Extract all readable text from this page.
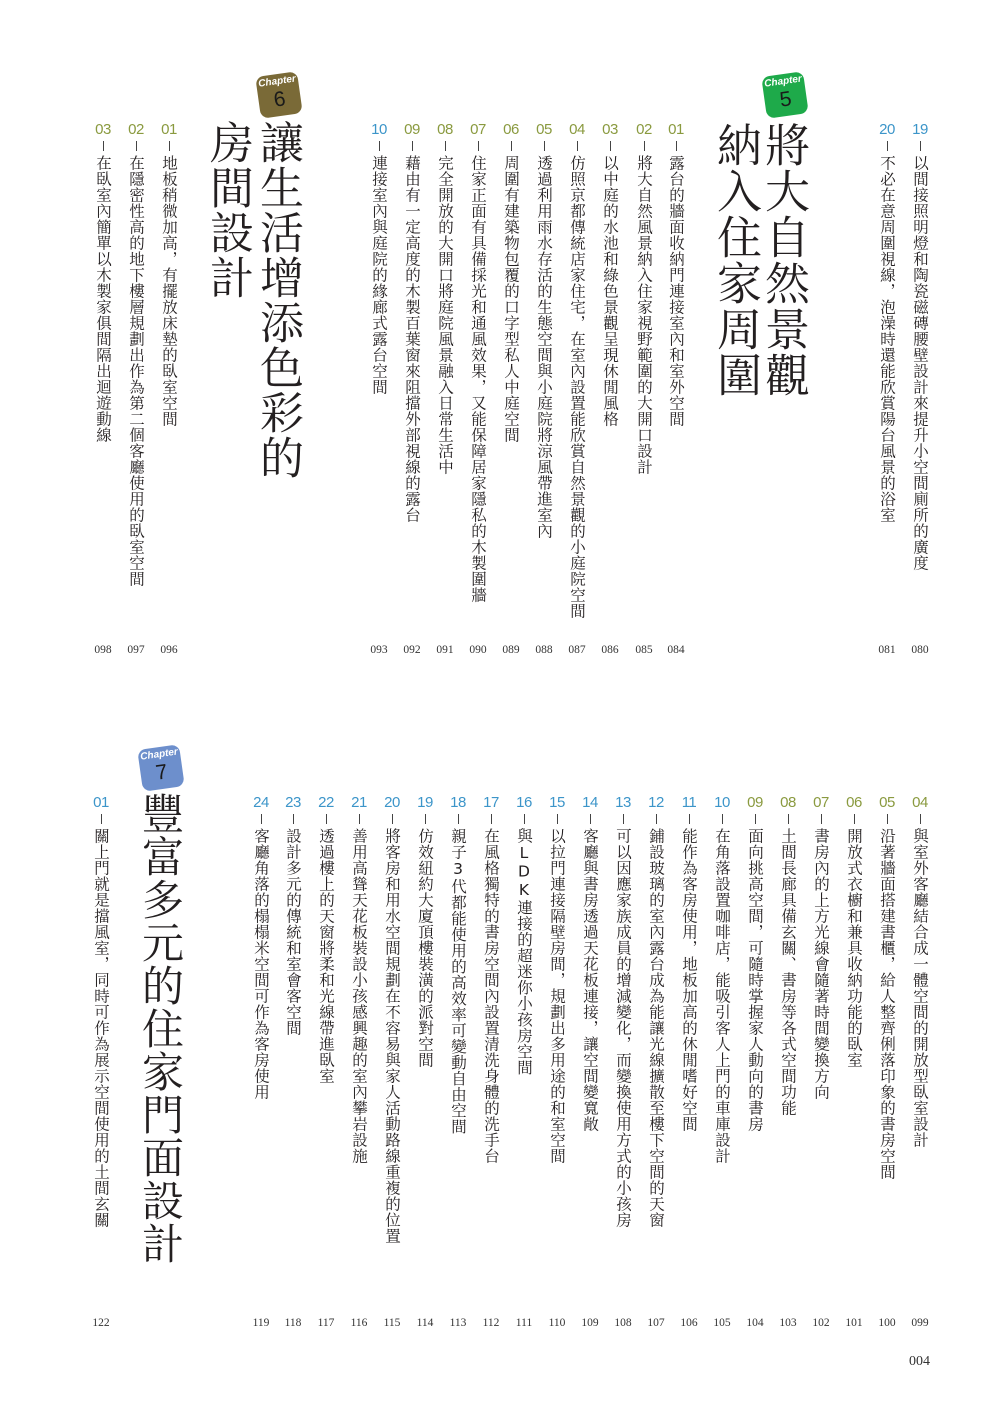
19
以間接照明燈和陶瓷磁磚腰壁設計來提升小空間廁所的廣度
20
不必在意周圍視線，泡澡時還能欣賞陽台風景的浴室
Chapter
5
將大自然景觀
納入住家周圍
01
露台的牆面收納門連接室內和室外空間
02
將大自然風景納入住家視野範圍的大開口設計
03
以中庭的水池和綠色景觀呈現休閒風格
04
仿照京都傳統店家住宅，在室內設置能欣賞自然景觀的小庭院空間
05
透過利用雨水存活的生態空間與小庭院將涼風帶進室內
06
周圍有建築物包覆的口字型私人中庭空間
07
住家正面有具備採光和通風效果，又能保障居家隱私的木製圍牆
08
完全開放的大開口將庭院風景融入日常生活中
09
藉由有一定高度的木製百葉窗來阻擋外部視線的露台
10
連接室內與庭院的緣廊式露台空間
Chapter
6
讓生活增添色彩的
房間設計
01
地板稍微加高，有擺放床墊的臥室空間
02
在隱密性高的地下樓層規劃出作為第二個客廳使用的臥室空間
03
在臥室內簡單以木製家俱間隔出迴遊動線
080
081
084
085
086
087
088
089
090
091
092
093
096
097
098
04
與室外客廳結合成一體空間的開放型臥室設計
05
沿著牆面搭建書櫃，給人整齊俐落印象的書房空間
06
開放式衣櫥和兼具收納功能的臥室
07
書房內的上方光線會隨著時間變換方向
08
土間長廊具備玄關、書房等各式空間功能
09
面向挑高空間，可隨時掌握家人動向的書房
10
在角落設置咖啡店，能吸引客人上門的車庫設計
11
能作為客房使用，地板加高的休閒嗜好空間
12
鋪設玻璃的室內露台成為能讓光線擴散至樓下空間的天窗
13
可以因應家族成員的增減變化，而變換使用方式的小孩房
14
客廳與書房透過天花板連接，讓空間變寬敞
15
以拉門連接隔壁房間，規劃出多用途的和室空間
16
與LDK連接的超迷你小孩房空間
17
在風格獨特的書房空間內設置清洗身體的洗手台
18
親子3代都能使用的高效率可變動自由空間
19
仿效紐約大廈頂樓裝潢的派對空間
20
將客房和用水空間規劃在不容易與家人活動路線重複的位置
21
善用高聳天花板裝設小孩感興趣的室內攀岩設施
22
透過樓上的天窗將柔和光線帶進臥室
23
設計多元的傳統和室會客空間
24
客廳角落的榻榻米空間可作為客房使用
Chapter
7
豐富多元的住家門面設計
01
關上門就是擋風室，同時可作為展示空間使用的土間玄關
099
100
101
102
103
104
105
106
107
108
109
110
111
112
113
114
115
116
117
118
119
122
004
